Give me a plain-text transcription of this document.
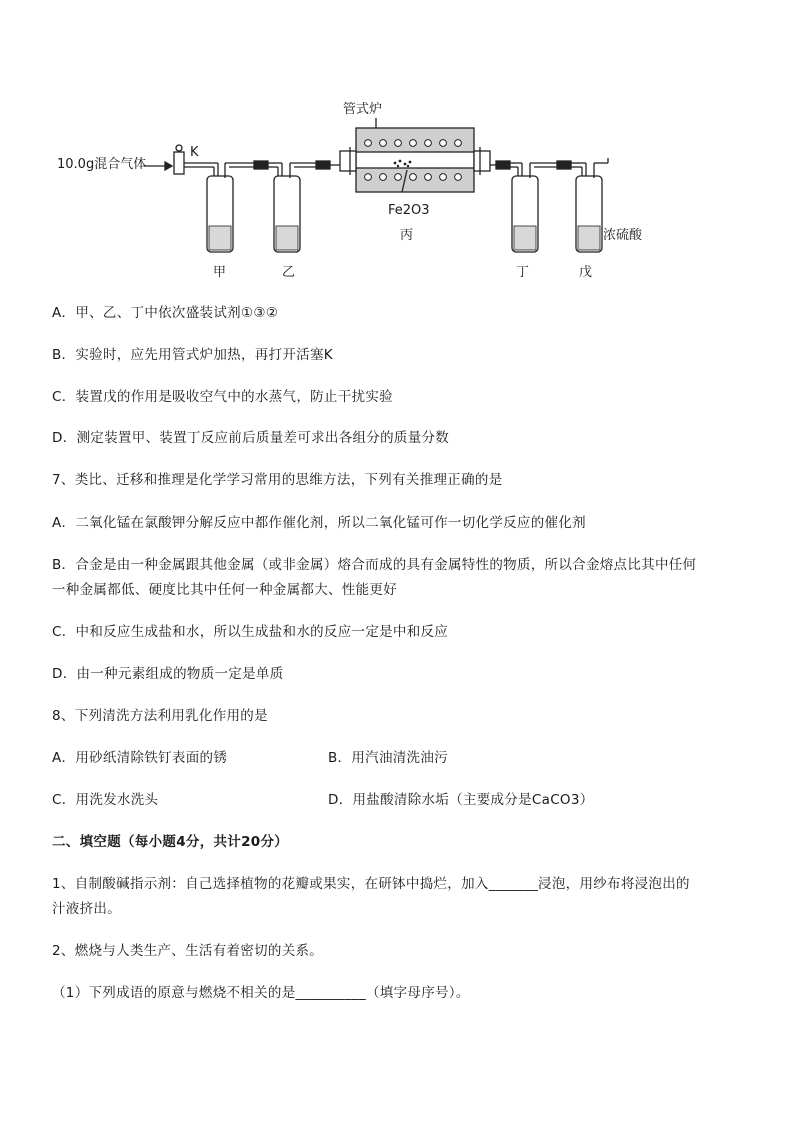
10.0g混合气体
K
管式炉
Fe2O3
丙	浓硫酸
甲	乙	丁	戊
A．甲、乙、丁中依次盛装试剂①③②
B．实验时，应先用管式炉加热，再打开活塞K
C．装置戊的作用是吸收空气中的水蒸气，防止干扰实验
D．测定装置甲、装置丁反应前后质量差可求出各组分的质量分数
7、类比、迁移和推理是化学学习常用的思维方法，下列有关推理正确的是
A．二氧化锰在氯酸钾分解反应中都作催化剂，所以二氧化锰可作一切化学反应的催化剂
B．合金是由一种金属跟其他金属（或非金属）熔合而成的具有金属特性的物质，所以合金熔点比其中任何
一种金属都低、硬度比其中任何一种金属都大、性能更好
C．中和反应生成盐和水，所以生成盐和水的反应一定是中和反应
D．由一种元素组成的物质一定是单质
8、下列清洗方法利用乳化作用的是
A．用砂纸清除铁钉表面的锈	B．用汽油清洗油污
C．用洗发水洗头	D．用盐酸清除水垢（主要成分是CaCO3）
二、填空题（每小题4分，共计20分）
1、自制酸碱指示剂：自己选择植物的花瓣或果实，在研钵中捣烂，加入_______浸泡，用纱布将浸泡出的
汁液挤出。
2、燃烧与人类生产、生活有着密切的关系。
（1）下列成语的原意与燃烧不相关的是__________（填字母序号）。
